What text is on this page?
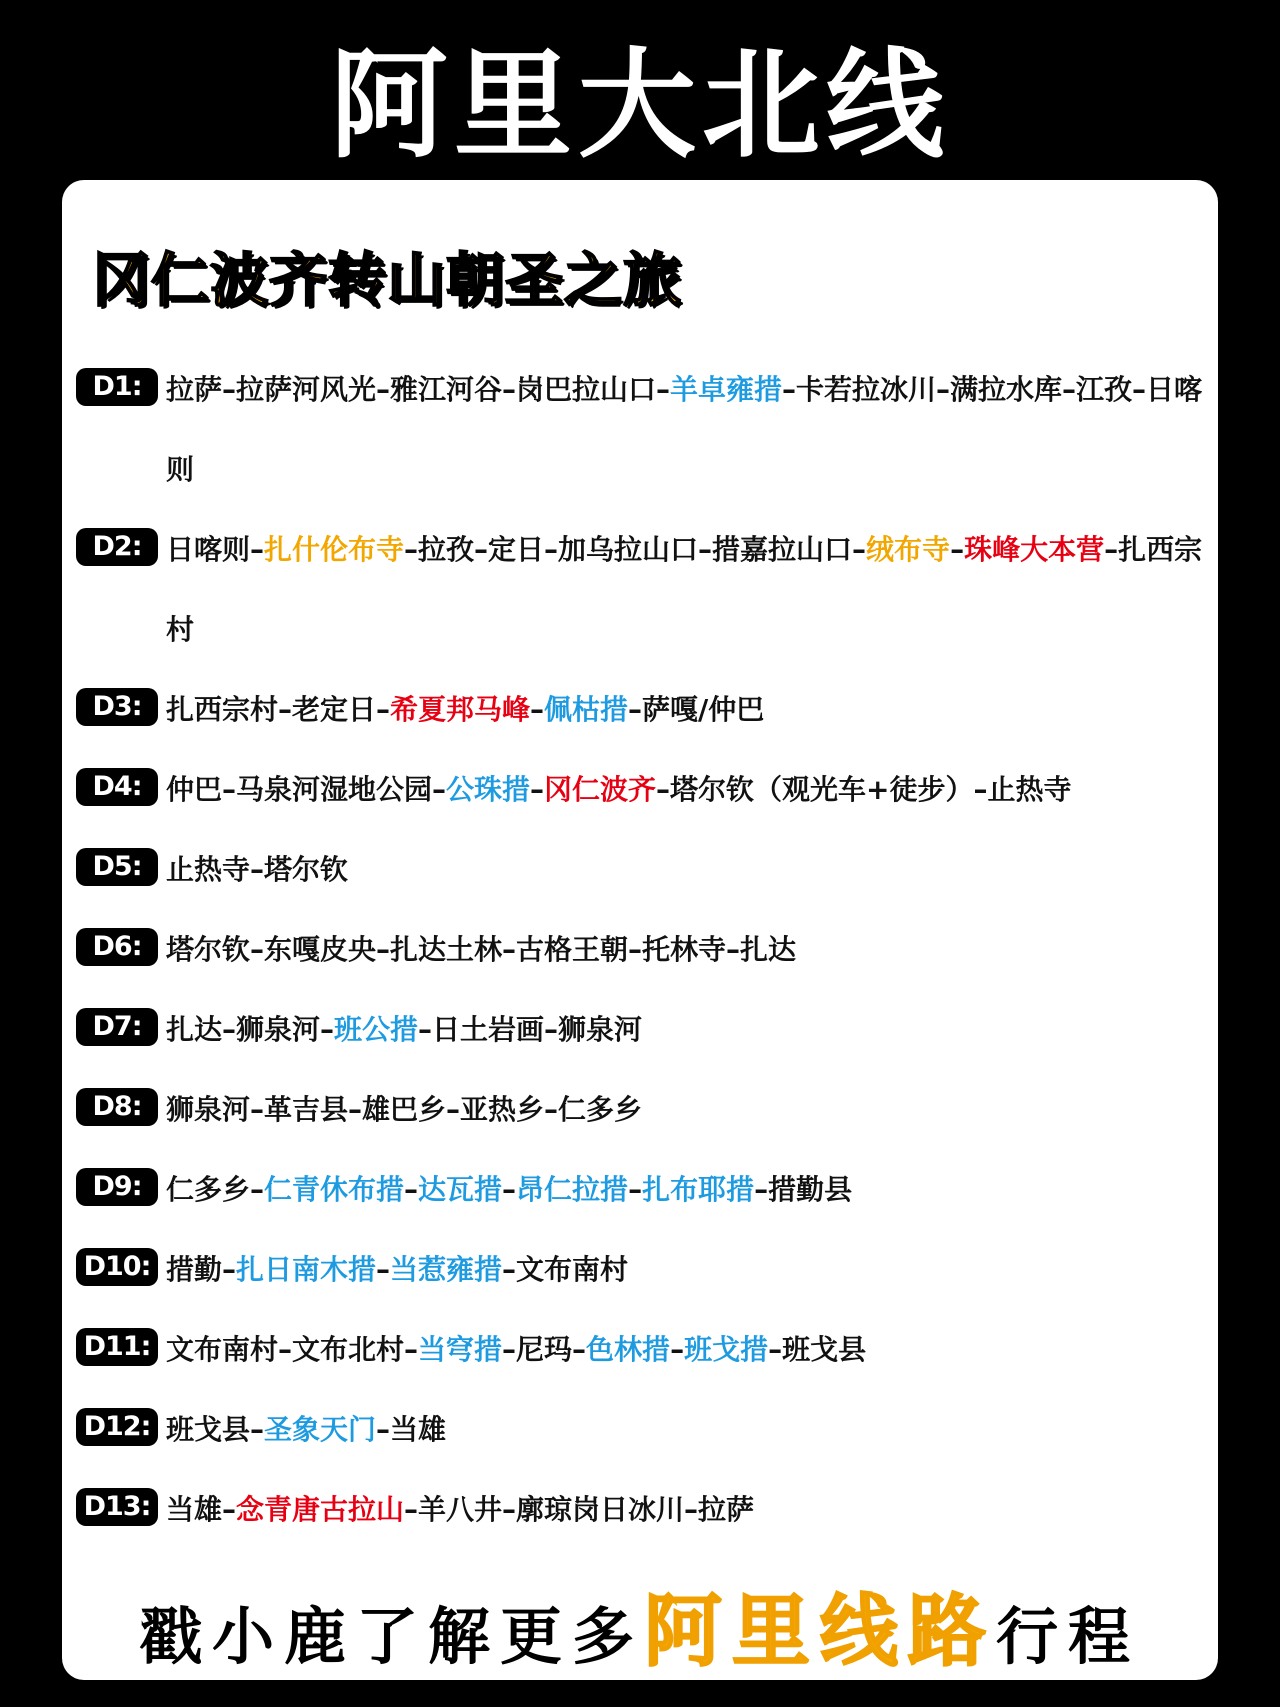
阿里大北线
冈仁波齐转山朝圣之旅
D1: 拉萨–拉萨河风光–雅江河谷–岗巴拉山口–羊卓雍措–卡若拉冰川–满拉水库–江孜–日喀则
D2: 日喀则–扎什伦布寺–拉孜–定日–加乌拉山口–措嘉拉山口–绒布寺–珠峰大本营–扎西宗村
D3: 扎西宗村–老定日–希夏邦马峰–佩枯措–萨嘎/仲巴
D4: 仲巴–马泉河湿地公园–公珠措–冈仁波齐–塔尔钦（观光车+徒步）–止热寺
D5: 止热寺–塔尔钦
D6: 塔尔钦–东嘎皮央–扎达土林–古格王朝–托林寺–扎达
D7: 扎达–狮泉河–班公措–日土岩画–狮泉河
D8: 狮泉河–革吉县–雄巴乡–亚热乡–仁多乡
D9: 仁多乡–仁青休布措–达瓦措–昂仁拉措–扎布耶措–措勤县
D10: 措勤–扎日南木措–当惹雍措–文布南村
D11: 文布南村–文布北村–当穹措–尼玛–色林措–班戈措–班戈县
D12: 班戈县–圣象天门–当雄
D13: 当雄–念青唐古拉山–羊八井–廓琼岗日冰川–拉萨
戳小鹿了解更多阿里线路行程
